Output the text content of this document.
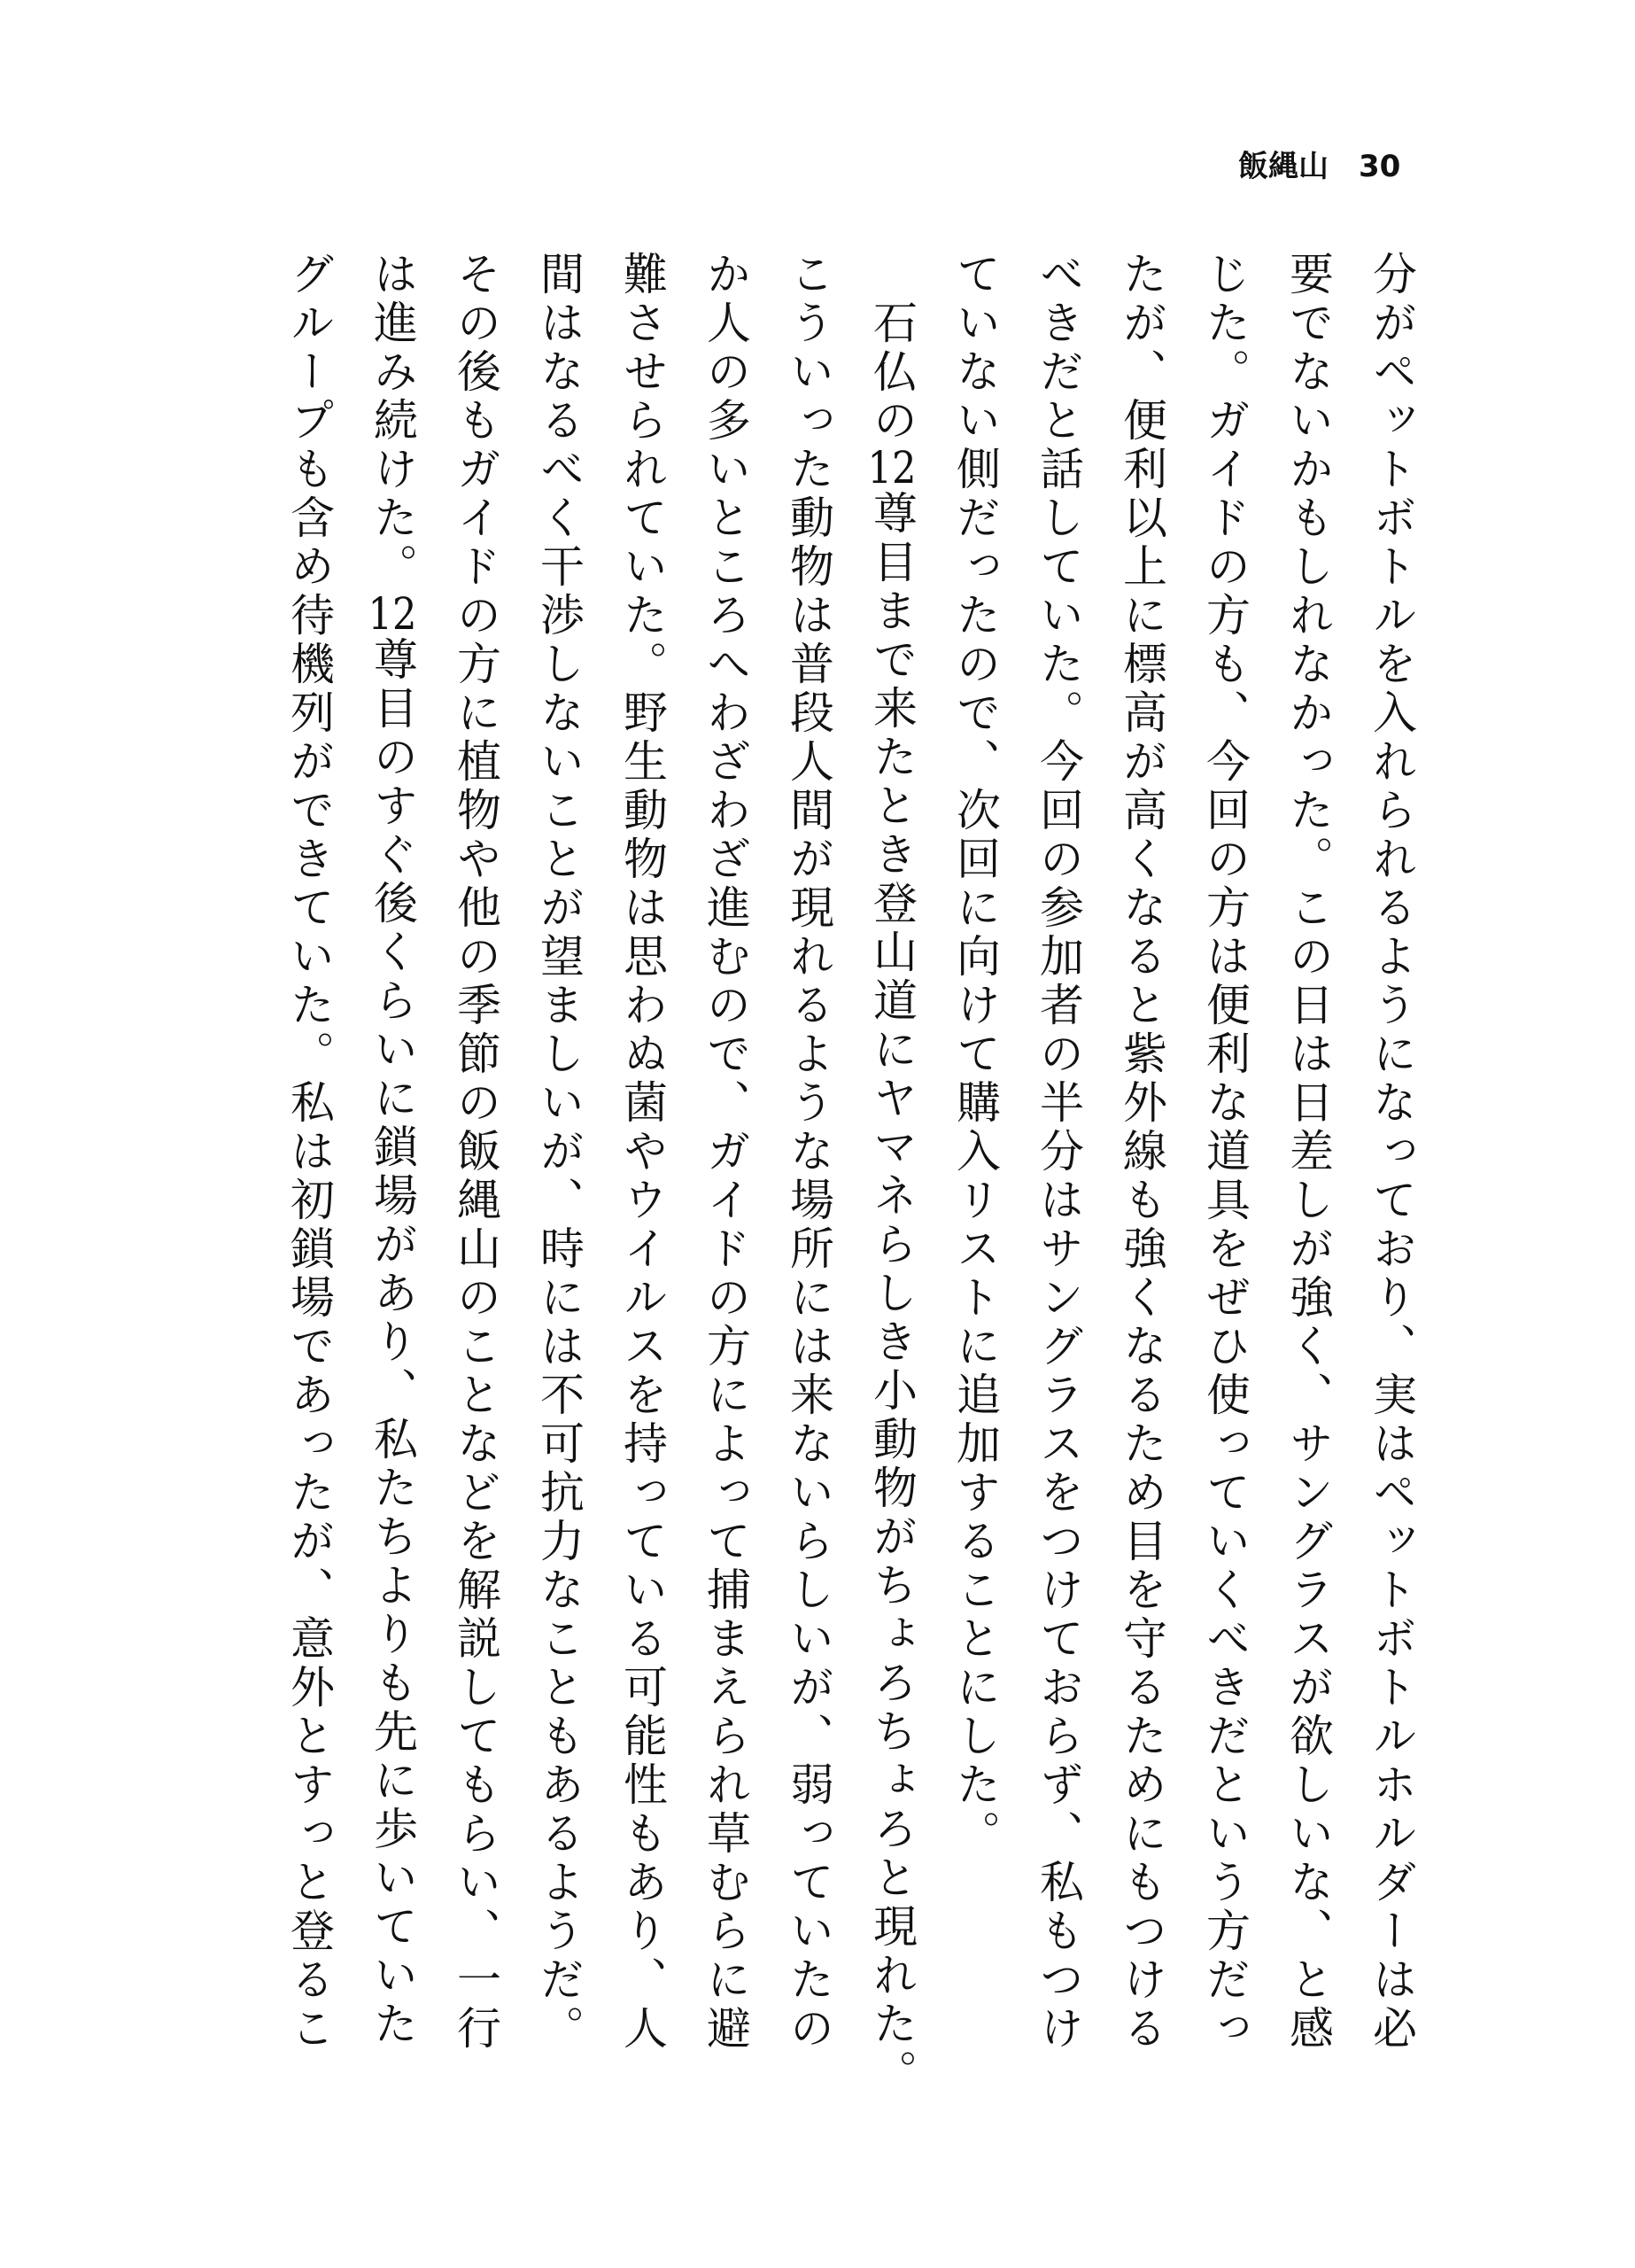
飯縄山 30
分がペットボトルを入れられるようになっており、実はペットボトルホルダーは必
要でないかもしれなかった。この日は日差しが強く、サングラスが欲しいな、と感
じた。ガイドの方も、今回の方は便利な道具をぜひ使っていくべきだという方だっ
たが、便利以上に標高が高くなると紫外線も強くなるため目を守るためにもつける
べきだと話していた。今回の参加者の半分はサングラスをつけておらず、私もつけ
ていない側だったので、次回に向けて購入リストに追加することにした。
　石仏の12尊目まで来たとき登山道にヤマネらしき小動物がちょろちょろと現れた。
こういった動物は普段人間が現れるような場所には来ないらしいが、弱っていたの
か人の多いところへわざわざ進むので、ガイドの方によって捕まえられ草むらに避
難させられていた。野生動物は思わぬ菌やウイルスを持っている可能性もあり、人
間はなるべく干渉しないことが望ましいが、時には不可抗力なこともあるようだ。
その後もガイドの方に植物や他の季節の飯縄山のことなどを解説してもらい、一行
は進み続けた。12尊目のすぐ後くらいに鎖場があり、私たちよりも先に歩いていた
グループも含め待機列ができていた。私は初鎖場であったが、意外とすっと登るこ
